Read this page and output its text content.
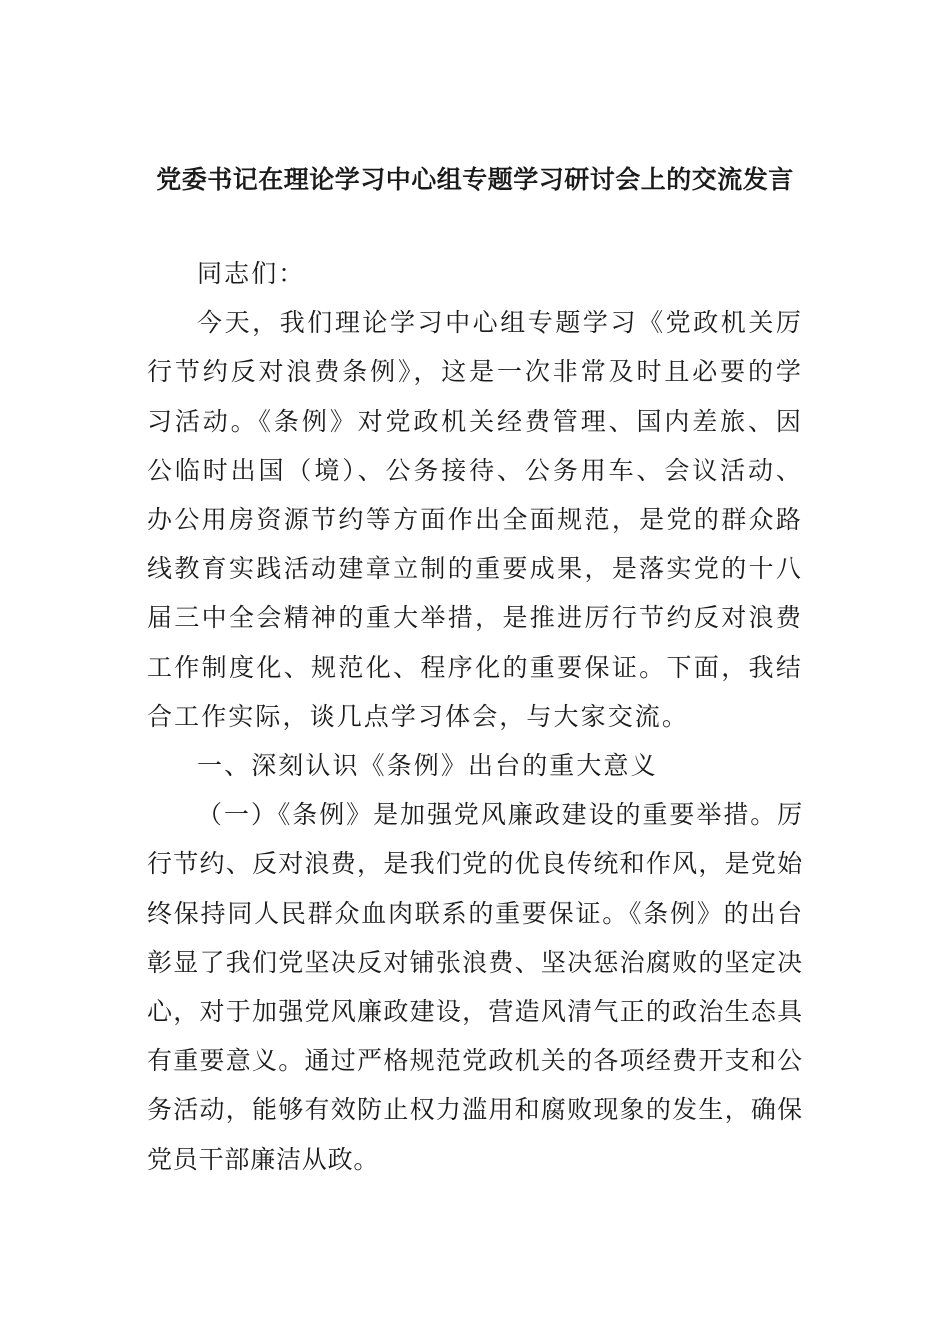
党委书记在理论学习中心组专题学习研讨会上的交流发言

同志们：

今天，我们理论学习中心组专题学习《党政机关厉行节约反对浪费条例》，这是一次非常及时且必要的学习活动。《条例》对党政机关经费管理、国内差旅、因公临时出国（境）、公务接待、公务用车、会议活动、办公用房资源节约等方面作出全面规范，是党的群众路线教育实践活动建章立制的重要成果，是落实党的十八届三中全会精神的重大举措，是推进厉行节约反对浪费工作制度化、规范化、程序化的重要保证。下面，我结合工作实际，谈几点学习体会，与大家交流。

一、深刻认识《条例》出台的重大意义

（一）《条例》是加强党风廉政建设的重要举措。厉行节约、反对浪费，是我们党的优良传统和作风，是党始终保持同人民群众血肉联系的重要保证。《条例》的出台彰显了我们党坚决反对铺张浪费、坚决惩治腐败的坚定决心，对于加强党风廉政建设，营造风清气正的政治生态具有重要意义。通过严格规范党政机关的各项经费开支和公务活动，能够有效防止权力滥用和腐败现象的发生，确保党员干部廉洁从政。
